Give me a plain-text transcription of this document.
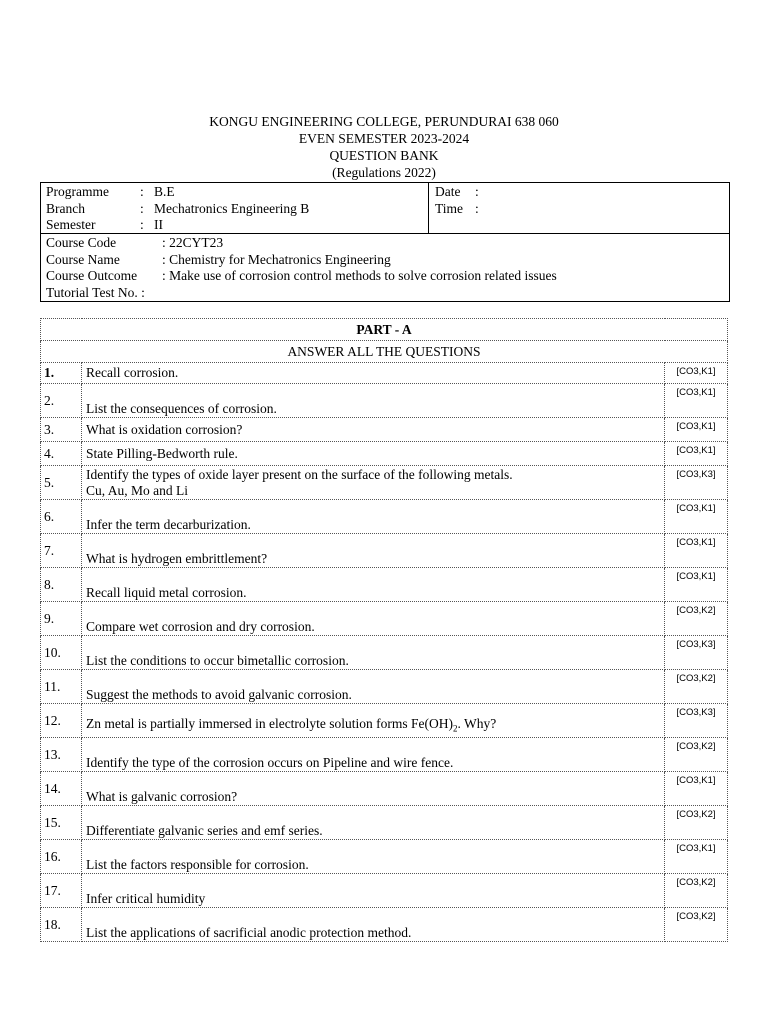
KONGU ENGINEERING COLLEGE, PERUNDURAI 638 060
EVEN SEMESTER 2023-2024
QUESTION BANK
(Regulations 2022)
Programme	: B.E
Branch	: Mechatronics Engineering B
Semester	: II
Date	:
Time :
Course Code	: 22CYT23
Course Name	: Chemistry for Mechatronics Engineering
Course Outcome	: Make use of corrosion control methods to solve corrosion related issues
Tutorial Test No. :
PART - A		
ANSWER ALL THE QUESTIONS		
1.	Recall corrosion.	[CO3,K1]
2.	List the consequences of corrosion.	[CO3,K1]
3.	What is oxidation corrosion?	[CO3,K1]
4.	State Pilling-Bedworth rule.	[CO3,K1]
5.	Identify the types of oxide layer present on the surface of the following metals.
Cu, Au, Mo and Li	[CO3,K3]
6.	Infer the term decarburization.	[CO3,K1]
7.	What is hydrogen embrittlement?	[CO3,K1]
8.	Recall liquid metal corrosion.	[CO3,K1]
9.	Compare wet corrosion and dry corrosion.	[CO3,K2]
10.	List the conditions to occur bimetallic corrosion.	[CO3,K3]
11.	Suggest the methods to avoid galvanic corrosion.	[CO3,K2]
12.	Zn metal is partially immersed in electrolyte solution forms $Fe(OH)_2$. Why?	[CO3,K3]
13.	Identify the type of the corrosion occurs on Pipeline and wire fence.	[CO3,K2]
14.	What is galvanic corrosion?	[CO3,K1]
15.	Differentiate galvanic series and emf series.	[CO3,K2]
16.	List the factors responsible for corrosion.	[CO3,K1]
17.	Infer critical humidity	[CO3,K2]
18.	List the applications of sacrificial anodic protection method.	[CO3,K2]
